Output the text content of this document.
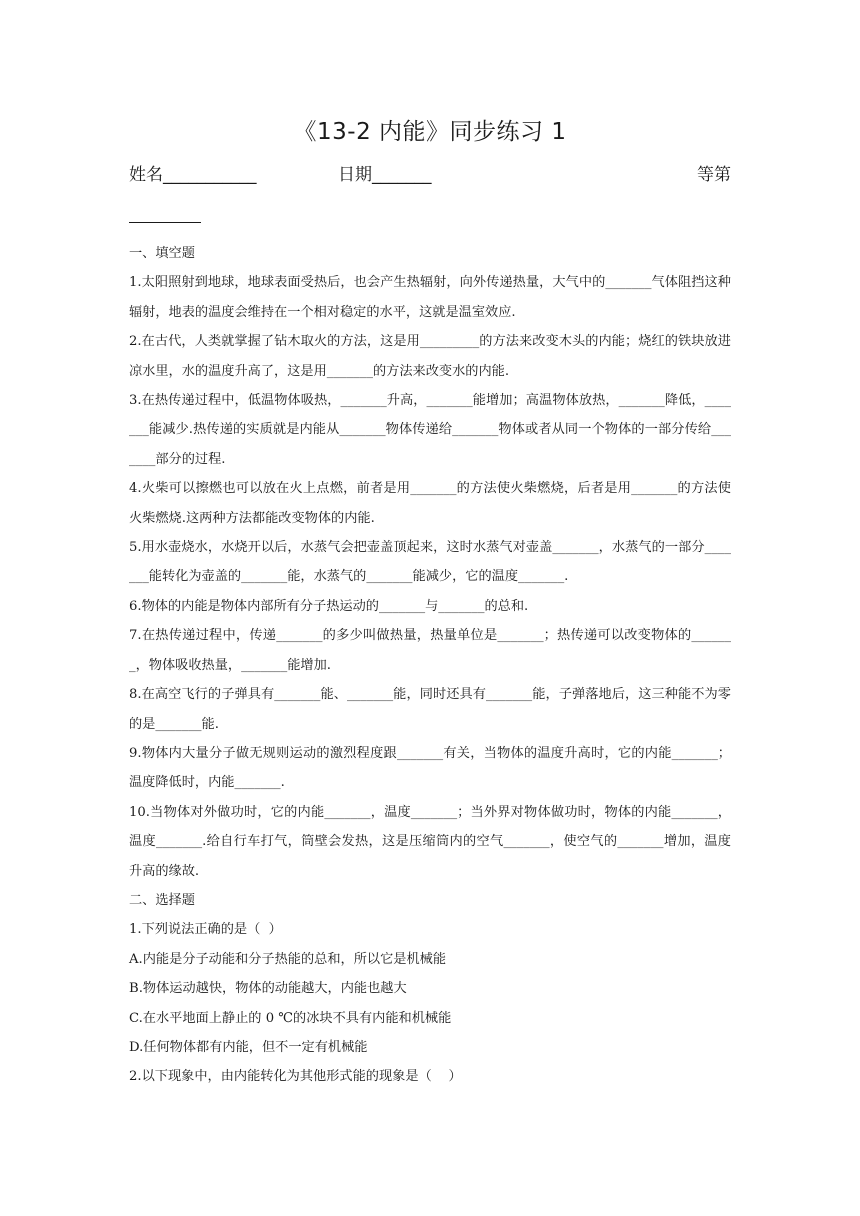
《13-2 内能》同步练习 1
姓名___________	日期_______	等第

一、填空题

1.太阳照射到地球，地球表面受热后，也会产生热辐射，向外传递热量，大气中的_______气体阻挡这种辐射，地表的温度会维持在一个相对稳定的水平，这就是温室效应.

2.在古代，人类就掌握了钻木取火的方法，这是用_________的方法来改变木头的内能；烧红的铁块放进凉水里，水的温度升高了，这是用_______的方法来改变水的内能.

3.在热传递过程中，低温物体吸热，_______升高，_______能增加；高温物体放热，_______降低，_______能减少.热传递的实质就是内能从_______物体传递给_______物体或者从同一个物体的一部分传给_______部分的过程.

4.火柴可以擦燃也可以放在火上点燃，前者是用_______的方法使火柴燃烧，后者是用_______的方法使火柴燃烧.这两种方法都能改变物体的内能.

5.用水壶烧水，水烧开以后，水蒸气会把壶盖顶起来，这时水蒸气对壶盖_______，水蒸气的一部分_______能转化为壶盖的_______能，水蒸气的_______能减少，它的温度_______.

6.物体的内能是物体内部所有分子热运动的_______与_______的总和.

7.在热传递过程中，传递_______的多少叫做热量，热量单位是_______；热传递可以改变物体的_______，物体吸收热量，_______能增加.

8.在高空飞行的子弹具有_______能、_______能，同时还具有_______能，子弹落地后，这三种能不为零的是_______能.

9.物体内大量分子做无规则运动的激烈程度跟_______有关，当物体的温度升高时，它的内能_______；温度降低时，内能_______.

10.当物体对外做功时，它的内能_______，温度_______；当外界对物体做功时，物体的内能_______，温度_______.给自行车打气，筒壁会发热，这是压缩筒内的空气_______，使空气的_______增加，温度升高的缘故.

二、选择题

1.下列说法正确的是（  ）

A.内能是分子动能和分子热能的总和，所以它是机械能

B.物体运动越快，物体的动能越大，内能也越大

C.在水平地面上静止的 0 ℃的冰块不具有内能和机械能

D.任何物体都有内能，但不一定有机械能

2.以下现象中，由内能转化为其他形式能的现象是（    ）
